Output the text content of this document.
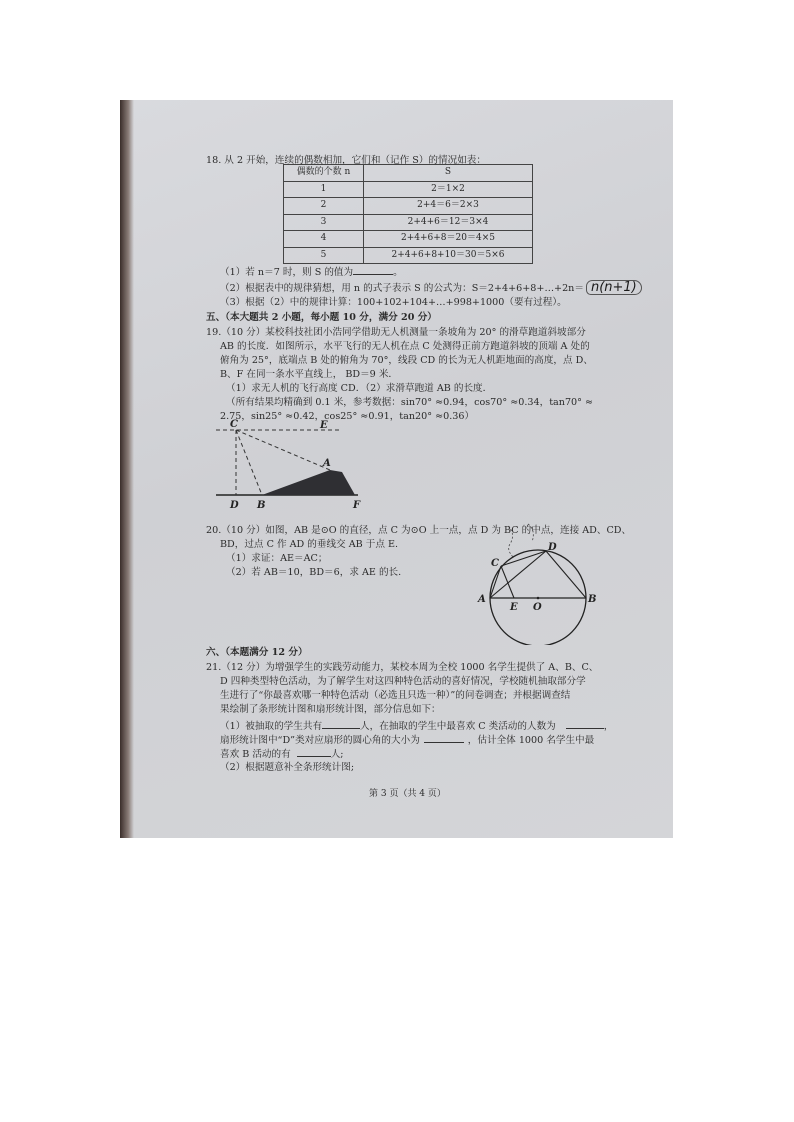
18. 从 2 开始，连续的偶数相加，它们和（记作 S）的情况如表：
偶数的个数 n	S
1	2＝1×2
2	2+4＝6＝2×3
3	2+4+6＝12＝3×4
4	2+4+6+8＝20＝4×5
5	2+4+6+8+10＝30＝5×6
（1）若 n＝7 时，则 S 的值为	。
（2）根据表中的规律猜想，用 n 的式子表示 S 的公式为：S＝2+4+6+8+…+2n＝ n(n+1)
（3）根据（2）中的规律计算：100+102+104+…+998+1000（要有过程）。
五、（本大题共 2 小题，每小题 10 分，满分 20 分）
19.（10 分）某校科技社团小浩同学借助无人机测量一条坡角为 20° 的滑草跑道斜坡部分
AB 的长度．如图所示，水平飞行的无人机在点 C 处测得正前方跑道斜坡的顶端 A 处的
俯角为 25°，底端点 B 处的俯角为 70°，线段 CD 的长为无人机距地面的高度，点 D、
B、F 在同一条水平直线上， BD＝9 米．
（1）求无人机的飞行高度 CD．（2）求滑草跑道 AB 的长度．
（所有结果均精确到 0.1 米，参考数据：sin70° ≈0.94，cos70° ≈0.34，tan70° ≈
2.75，sin25° ≈0.42，cos25° ≈0.91，tan20° ≈0.36）
C	E
A
D B	F
20.（10 分）如图，AB 是⊙O 的直径，点 C 为⊙O 上一点，点 D 为 BC 的中点，连接 AD、CD、
BD，过点 C 作 AD 的垂线交 AB 于点 E.
（1）求证：AE＝AC；
（2）若 AB＝10，BD＝6，求 AE 的长.
C
D
A
E O
B
六、（本题满分 12 分）
21.（12 分）为增强学生的实践劳动能力，某校本周为全校 1000 名学生提供了 A、B、C、
D 四种类型特色活动，为了解学生对这四种特色活动的喜好情况，学校随机抽取部分学
生进行了“你最喜欢哪一种特色活动（必选且只选一种）”的问卷调查；并根据调查结
果绘制了条形统计图和扇形统计图，部分信息如下：
（1）被抽取的学生共有	人，在抽取的学生中最喜欢 C 类活动的人数为	，
扇形统计图中“D”类对应扇形的圆心角的大小为	，估计全体 1000 名学生中最
喜欢 B 活动的有	人;
（2）根据题意补全条形统计图;
第 3 页（共 4 页）
